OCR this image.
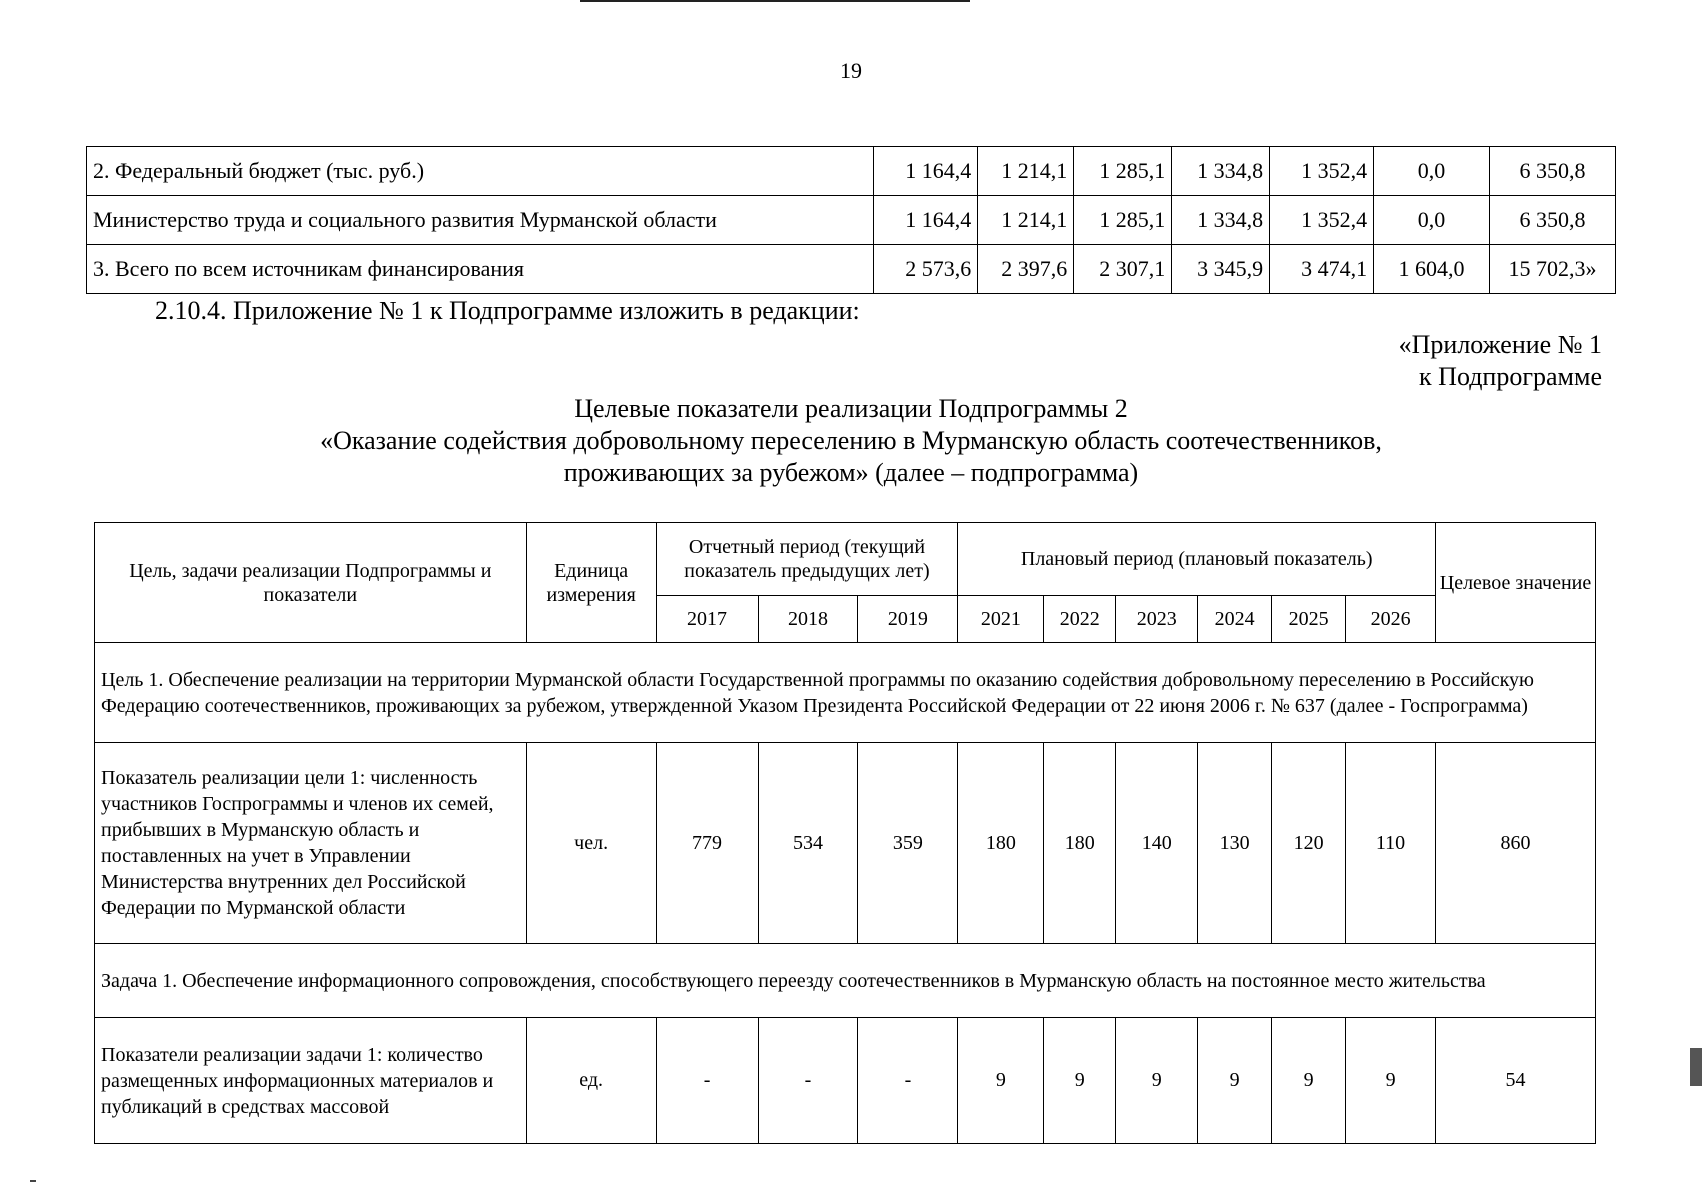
19
2. Федеральный бюджет (тыс. руб.)	1 164,4	1 214,1	1 285,1	1 334,8	1 352,4	0,0	6 350,8
Министерство труда и социального развития Мурманской области	1 164,4	1 214,1	1 285,1	1 334,8	1 352,4	0,0	6 350,8
3. Всего по всем источникам финансирования	2 573,6	2 397,6	2 307,1	3 345,9	3 474,1	1 604,0	15 702,3»
2.10.4. Приложение № 1 к Подпрограмме изложить в редакции:
«Приложение № 1
к Подпрограмме
Целевые показатели реализации Подпрограммы 2
«Оказание содействия добровольному переселению в Мурманскую область соотечественников,
проживающих за рубежом» (далее – подпрограмма)
Цель, задачи реализации Подпрограммы и показатели	Единица измерения	Отчетный период (текущий показатель предыдущих лет)			Плановый период (плановый показатель)						Целевое значение
		2017	2018	2019	2021	2022	2023	2024	2025	2026	
Цель 1. Обеспечение реализации на территории Мурманской области Государственной программы по оказанию содействия добровольному переселению в Российскую Федерацию соотечественников, проживающих за рубежом, утвержденной Указом Президента Российской Федерации от 22 июня 2006 г. № 637 (далее - Госпрограмма)											
Показатель реализации цели 1: численность участников Госпрограммы и членов их семей, прибывших в Мурманскую область и поставленных на учет в Управлении Министерства внутренних дел Российской Федерации по Мурманской области	чел.	779	534	359	180	180	140	130	120	110	860
Задача 1. Обеспечение информационного сопровождения, способствующего переезду соотечественников в Мурманскую область на постоянное место жительства											
Показатели реализации задачи 1: количество размещенных информационных материалов и публикаций в средствах массовой	ед.	-	-	-	9	9	9	9	9	9	54
